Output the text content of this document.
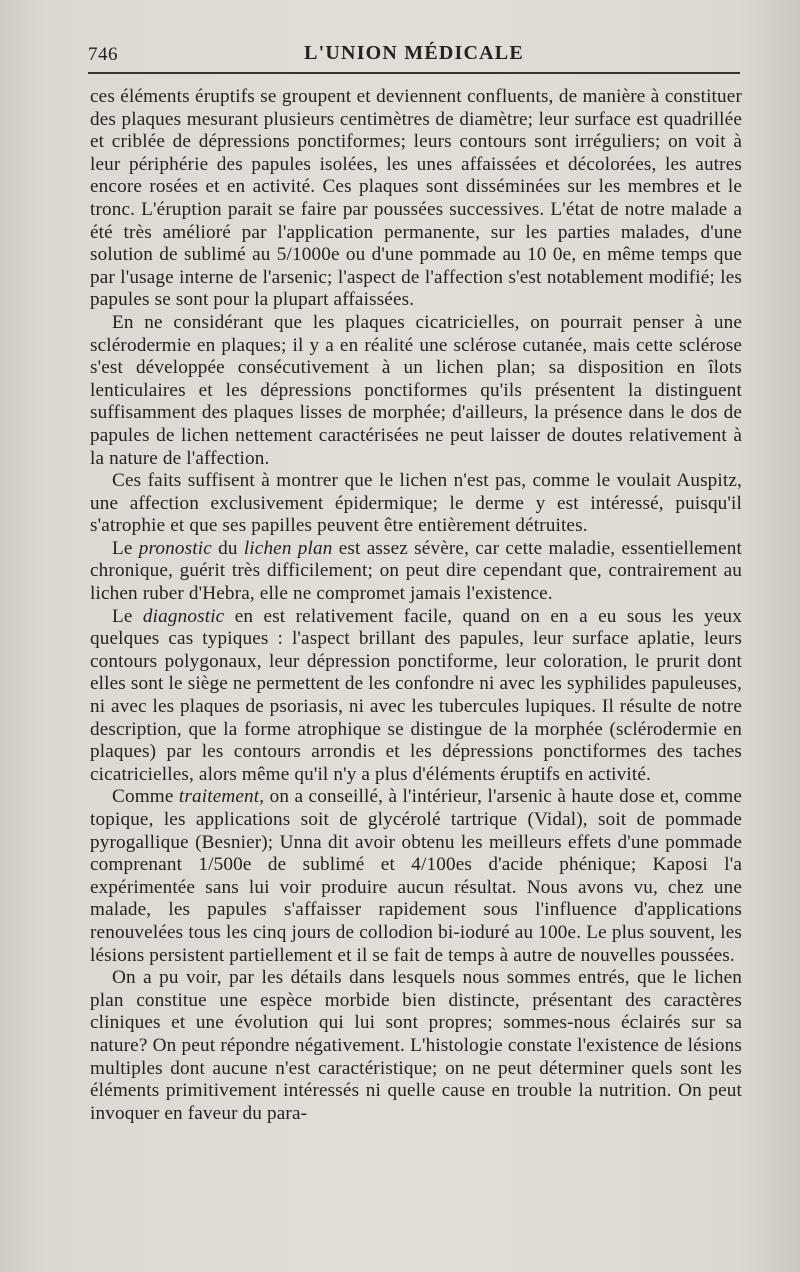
746	L'UNION MÉDICALE

ces éléments éruptifs se groupent et deviennent confluents, de manière à constituer des plaques mesurant plusieurs centimètres de diamètre; leur surface est quadrillée et criblée de dépressions ponctiformes; leurs contours sont irréguliers; on voit à leur périphérie des papules isolées, les unes affaissées et décolorées, les autres encore rosées et en activité. Ces plaques sont disséminées sur les membres et le tronc. L'éruption parait se faire par poussées successives. L'état de notre malade a été très amélioré par l'application permanente, sur les parties malades, d'une solution de sublimé au 5/1000e ou d'une pommade au 10 0e, en même temps que par l'usage interne de l'arsenic; l'aspect de l'affection s'est notablement modifié; les papules se sont pour la plupart affaissées.

En ne considérant que les plaques cicatricielles, on pourrait penser à une sclérodermie en plaques; il y a en réalité une sclérose cutanée, mais cette sclérose s'est développée consécutivement à un lichen plan; sa disposition en îlots lenticulaires et les dépressions ponctiformes qu'ils présentent la distinguent suffisamment des plaques lisses de morphée; d'ailleurs, la présence dans le dos de papules de lichen nettement caractérisées ne peut laisser de doutes relativement à la nature de l'affection.

Ces faits suffisent à montrer que le lichen n'est pas, comme le voulait Auspitz, une affection exclusivement épidermique; le derme y est intéressé, puisqu'il s'atrophie et que ses papilles peuvent être entièrement détruites.

Le pronostic du lichen plan est assez sévère, car cette maladie, essentiellement chronique, guérit très difficilement; on peut dire cependant que, contrairement au lichen ruber d'Hebra, elle ne compromet jamais l'existence.

Le diagnostic en est relativement facile, quand on en a eu sous les yeux quelques cas typiques : l'aspect brillant des papules, leur surface aplatie, leurs contours polygonaux, leur dépression ponctiforme, leur coloration, le prurit dont elles sont le siège ne permettent de les confondre ni avec les syphilides papuleuses, ni avec les plaques de psoriasis, ni avec les tubercules lupiques. Il résulte de notre description, que la forme atrophique se distingue de la morphée (sclérodermie en plaques) par les contours arrondis et les dépressions ponctiformes des taches cicatricielles, alors même qu'il n'y a plus d'éléments éruptifs en activité.

Comme traitement, on a conseillé, à l'intérieur, l'arsenic à haute dose et, comme topique, les applications soit de glycérolé tartrique (Vidal), soit de pommade pyrogallique (Besnier); Unna dit avoir obtenu les meilleurs effets d'une pommade comprenant 1/500e de sublimé et 4/100es d'acide phénique; Kaposi l'a expérimentée sans lui voir produire aucun résultat. Nous avons vu, chez une malade, les papules s'affaisser rapidement sous l'influence d'applications renouvelées tous les cinq jours de collodion bi-ioduré au 100e. Le plus souvent, les lésions persistent partiellement et il se fait de temps à autre de nouvelles poussées.

On a pu voir, par les détails dans lesquels nous sommes entrés, que le lichen plan constitue une espèce morbide bien distincte, présentant des caractères cliniques et une évolution qui lui sont propres; sommes-nous éclairés sur sa nature? On peut répondre négativement. L'histologie constate l'existence de lésions multiples dont aucune n'est caractéristique; on ne peut déterminer quels sont les éléments primitivement intéressés ni quelle cause en trouble la nutrition. On peut invoquer en faveur du para-
